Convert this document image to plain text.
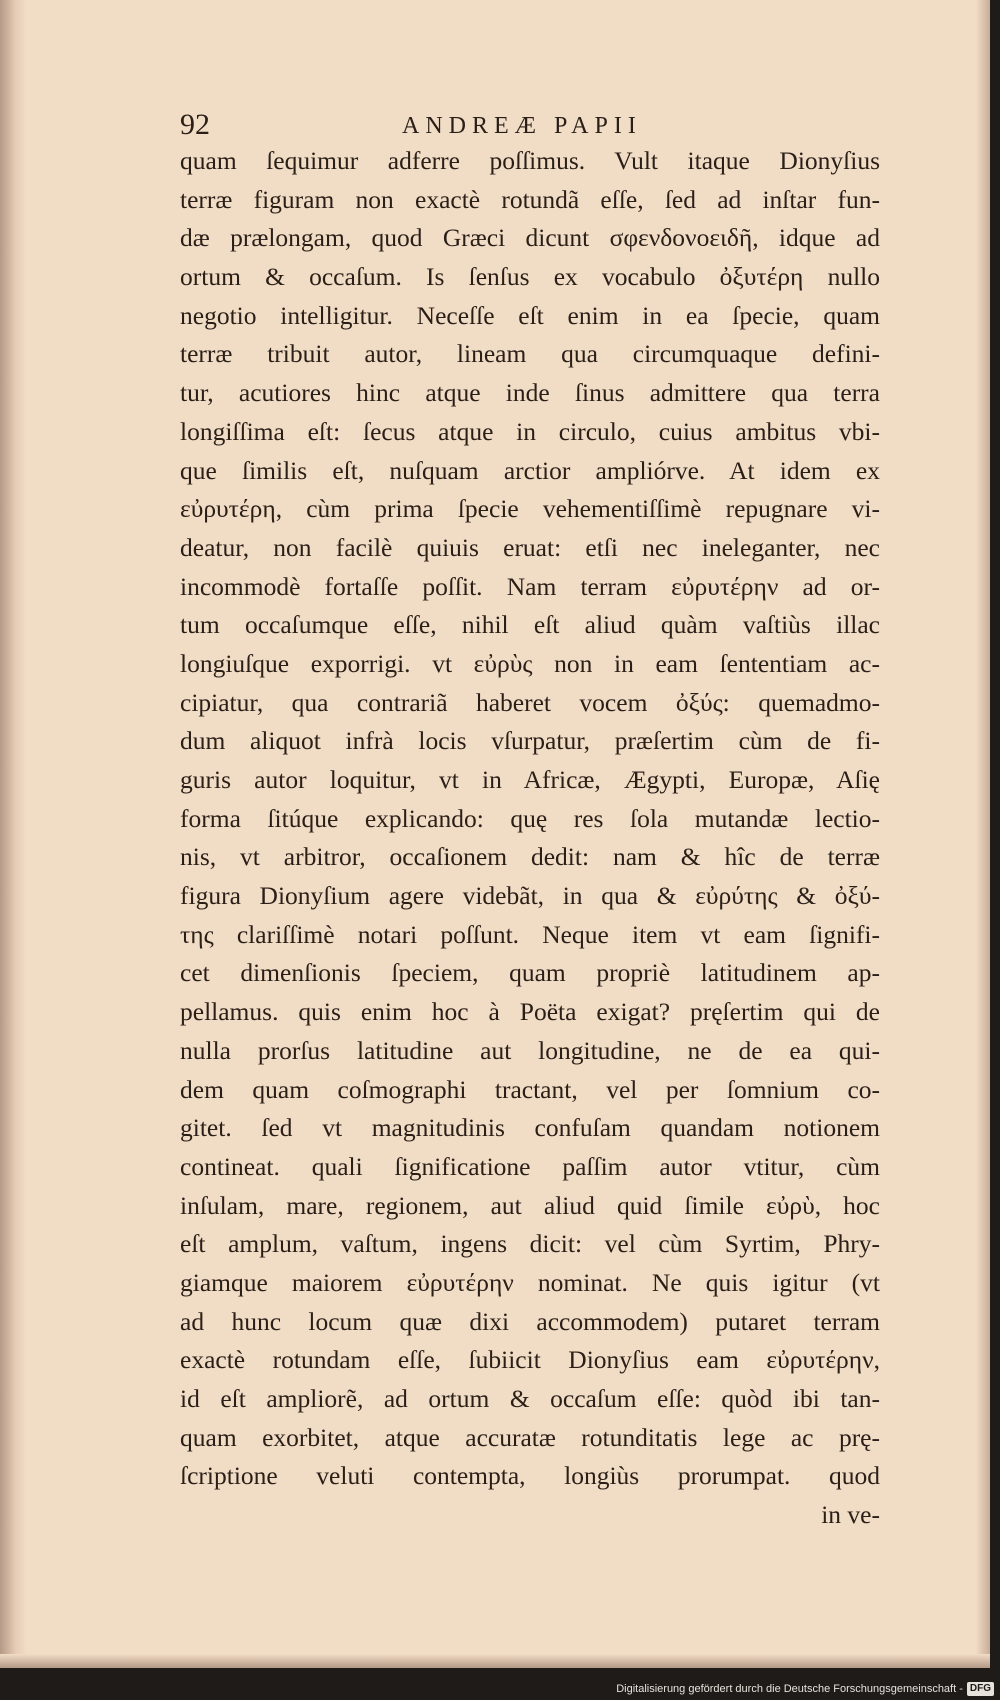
92	ANDREÆ PAPII
quam ſequimur adferre poſſimus. Vult itaque Dionyſius
terræ figuram non exactè rotundã eſſe, ſed ad inſtar fun-
dæ prælongam, quod Græci dicunt σφενδονοειδῆ, idque ad
ortum & occaſum. Is ſenſus ex vocabulo ὀξυτέρη nullo
negotio intelligitur. Neceſſe eſt enim in ea ſpecie, quam
terræ tribuit autor, lineam qua circumquaque defini-
tur, acutiores hinc atque inde ſinus admittere qua terra
longiſſima eſt: ſecus atque in circulo, cuius ambitus vbi-
que ſimilis eſt, nuſquam arctior ampliórve. At idem ex
εὐρυτέρη, cùm prima ſpecie vehementiſſimè repugnare vi-
deatur, non facilè quiuis eruat: etſi nec ineleganter, nec
incommodè fortaſſe poſſit. Nam terram εὐρυτέρην ad or-
tum occaſumque eſſe, nihil eſt aliud quàm vaſtiùs illac
longiuſque exporrigi. vt εὐρὺς non in eam ſententiam ac-
cipiatur, qua contrariã haberet vocem ὀξύς: quemadmo-
dum aliquot infrà locis vſurpatur, præſertim cùm de fi-
guris autor loquitur, vt in Africæ, Ægypti, Europæ, Aſię
forma ſitúque explicando: quę res ſola mutandæ lectio-
nis, vt arbitror, occaſionem dedit: nam & hîc de terræ
figura Dionyſium agere videbãt, in qua & εὐρύτης & ὀξύ-
της clariſſimè notari poſſunt. Neque item vt eam ſignifi-
cet dimenſionis ſpeciem, quam propriè latitudinem ap-
pellamus. quis enim hoc à Poëta exigat? pręſertim qui de
nulla prorſus latitudine aut longitudine, ne de ea qui-
dem quam coſmographi tractant, vel per ſomnium co-
gitet. ſed vt magnitudinis confuſam quandam notionem
contineat. quali ſignificatione paſſim autor vtitur, cùm
inſulam, mare, regionem, aut aliud quid ſimile εὐρὺ, hoc
eſt amplum, vaſtum, ingens dicit: vel cùm Syrtim, Phry-
giamque maiorem εὐρυτέρην nominat. Ne quis igitur (vt
ad hunc locum quæ dixi accommodem) putaret terram
exactè rotundam eſſe, ſubiicit Dionyſius eam εὐρυτέρην,
id eſt ampliorẽ, ad ortum & occaſum eſſe: quòd ibi tan-
quam exorbitet, atque accuratæ rotunditatis lege ac prę-
ſcriptione veluti contempta, longiùs prorumpat. quod
in ve-
Digitalisierung gefördert durch die Deutsche Forschungsgemeinschaft - DFG
